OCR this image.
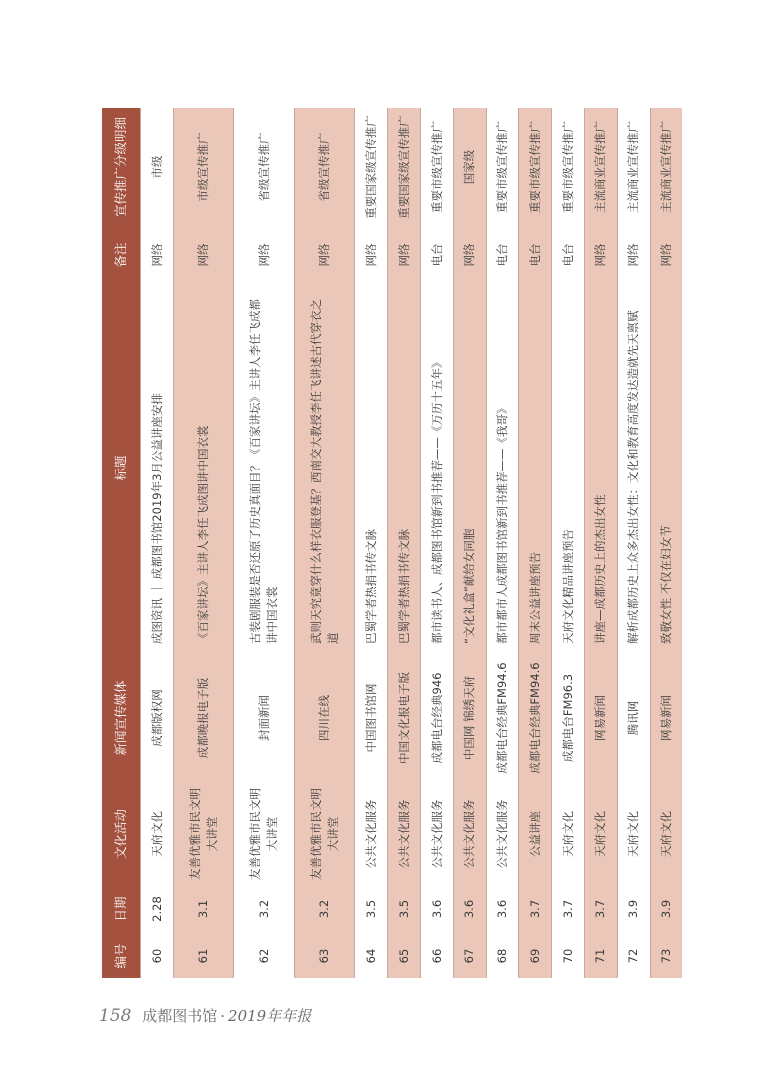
编号	日期	文化活动	新闻宣传媒体	标题	备注	宣传推广分级明细
60	2.28	天府文化	成都版权网	成图资讯 ｜ 成都图书馆2019年3月公益讲座安排	网络	市级
61	3.1	友善优雅市民文明大讲堂	成都晚报电子版	《百家讲坛》主讲人李任飞成图讲中国衣裳	网络	市级宣传推广
62	3.2	友善优雅市民文明大讲堂	封面新闻	古装剧服装是否还原了历史真面目？《百家讲坛》主讲人李任飞成都讲中国衣裳	网络	省级宣传推广
63	3.2	友善优雅市民文明大讲堂	四川在线	武则天究竟穿什么样衣服登基？西南交大教授李任飞讲述古代穿衣之道	网络	省级宣传推广
64	3.5	公共文化服务	中国图书馆网	巴蜀学者热捐书传文脉	网络	重要国家级宣传推广
65	3.5	公共文化服务	中国文化报电子版	巴蜀学者热捐书传文脉	网络	重要国家级宣传推广
66	3.6	公共文化服务	成都电台经典946	都市读书人、成都图书馆新到书推荐——《万历十五年》	电台	重要市级宣传推广
67	3.6	公共文化服务	中国网 锦绣天府	“文化礼盒”献给女同胞	网络	国家级
68	3.6	公共文化服务	成都电台经典FM94.6	都市都市人成都图书馆新到书推荐——《我哥》	电台	重要市级宣传推广
69	3.7	公益讲座	成都电台经典FM94.6	周末公益讲座预告	电台	重要市级宣传推广
70	3.7	天府文化	成都电台FM96.3	天府文化精品讲座预告	电台	重要市级宣传推广
71	3.7	天府文化	网易新闻	讲座—成都历史上的杰出女性	网络	主流商业宣传推广
72	3.9	天府文化	腾讯网	解析成都历史上众多杰出女性：文化和教育高度发达造就先天禀赋	网络	主流商业宣传推广
73	3.9	天府文化	网易新闻	致敬女性 不仅在妇女节	网络	主流商业宣传推广
158 成都图书馆 · 2019年年报
